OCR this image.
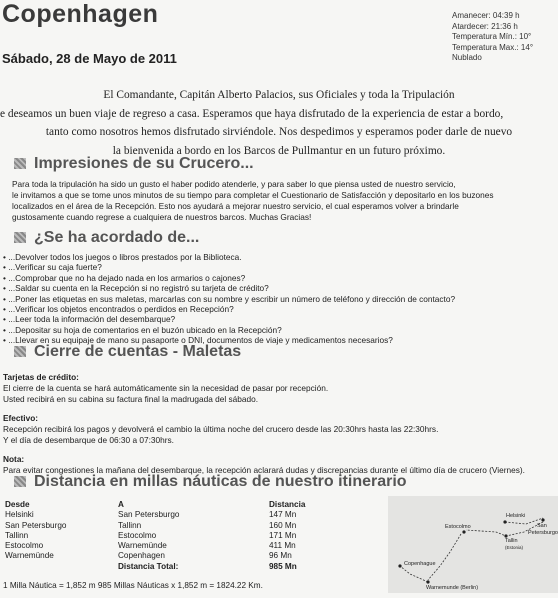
Copenhagen
Sábado, 28 de Mayo de 2011
Amanecer: 04:39 h
Atardecer: 21:36 h
Temperatura Mín.: 10°
Temperatura Max.: 14°
Nublado
El Comandante, Capitán Alberto Palacios, sus Oficiales y toda la Tripulación
e deseamos un buen viaje de regreso a casa. Esperamos que haya disfrutado de la experiencia de estar a bordo,
tanto como nosotros hemos disfrutado sirviéndole. Nos despedimos y esperamos poder darle de nuevo
la bienvenida a bordo en los Barcos de Pullmantur en un futuro próximo.
Impresiones de su Crucero...
Para toda la tripulación ha sido un gusto el haber podido atenderle, y para saber lo que piensa usted de nuestro servicio,
le invitamos a que se tome unos minutos de su tiempo para completar el Cuestionario de Satisfacción y depositarlo en los buzones
localizados en el área de la Recepción. Esto nos ayudará a mejorar nuestro servicio, el cual esperamos volver a brindarle
gustosamente cuando regrese a cualquiera de nuestros barcos. Muchas Gracias!
¿Se ha acordado de...
• ...Devolver todos los juegos o libros prestados por la Biblioteca.
• ...Verificar su caja fuerte?
• ...Comprobar que no ha dejado nada en los armarios o cajones?
• ...Saldar su cuenta en la Recepción si no registró su tarjeta de crédito?
• ...Poner las etiquetas en sus maletas, marcarlas con su nombre y escribir un número de teléfono y dirección de contacto?
• ...Verificar los objetos encontrados o perdidos en Recepción?
• ...Leer toda la información del desembarque?
• ...Depositar su hoja de comentarios en el buzón ubicado en la Recepción?
• ...Llevar en su equipaje de mano su pasaporte o DNI, documentos de viaje y medicamentos necesarios?
Cierre de cuentas - Maletas
Tarjetas de crédito:
El cierre de la cuenta se hará automáticamente sin la necesidad de pasar por recepción.
Usted recibirá en su cabina su factura final la madrugada del sábado.
Efectivo:
Recepción recibirá los pagos y devolverá el cambio la última noche del crucero desde las 20:30hrs hasta las 22:30hrs.
Y el día de desembarque de 06:30 a 07:30hrs.
Nota:
Para evitar congestiones la mañana del desembarque, la recepción aclarará dudas y discrepancias durante el último día de crucero (Viernes).
Distancia en millas náuticas de nuestro itinerario
Desde	A	Distancia
Helsinki	San Petersburgo	147 Mn
San Petersburgo	Tallinn	160 Mn
Tallinn	Estocolmo	171 Mn
Estocolmo	Warnemünde	411 Mn
Warnemünde	Copenhagen	96 Mn
	Distancia Total:	985 Mn
1 Milla Náutica = 1,852 m 985 Millas Náuticas x 1,852 m = 1824.22 Km.
Helsinki
San
Petersburgo
Estocolmo
Tallin
(Estonia)
Copenhague
Warnemunde (Berlin)
